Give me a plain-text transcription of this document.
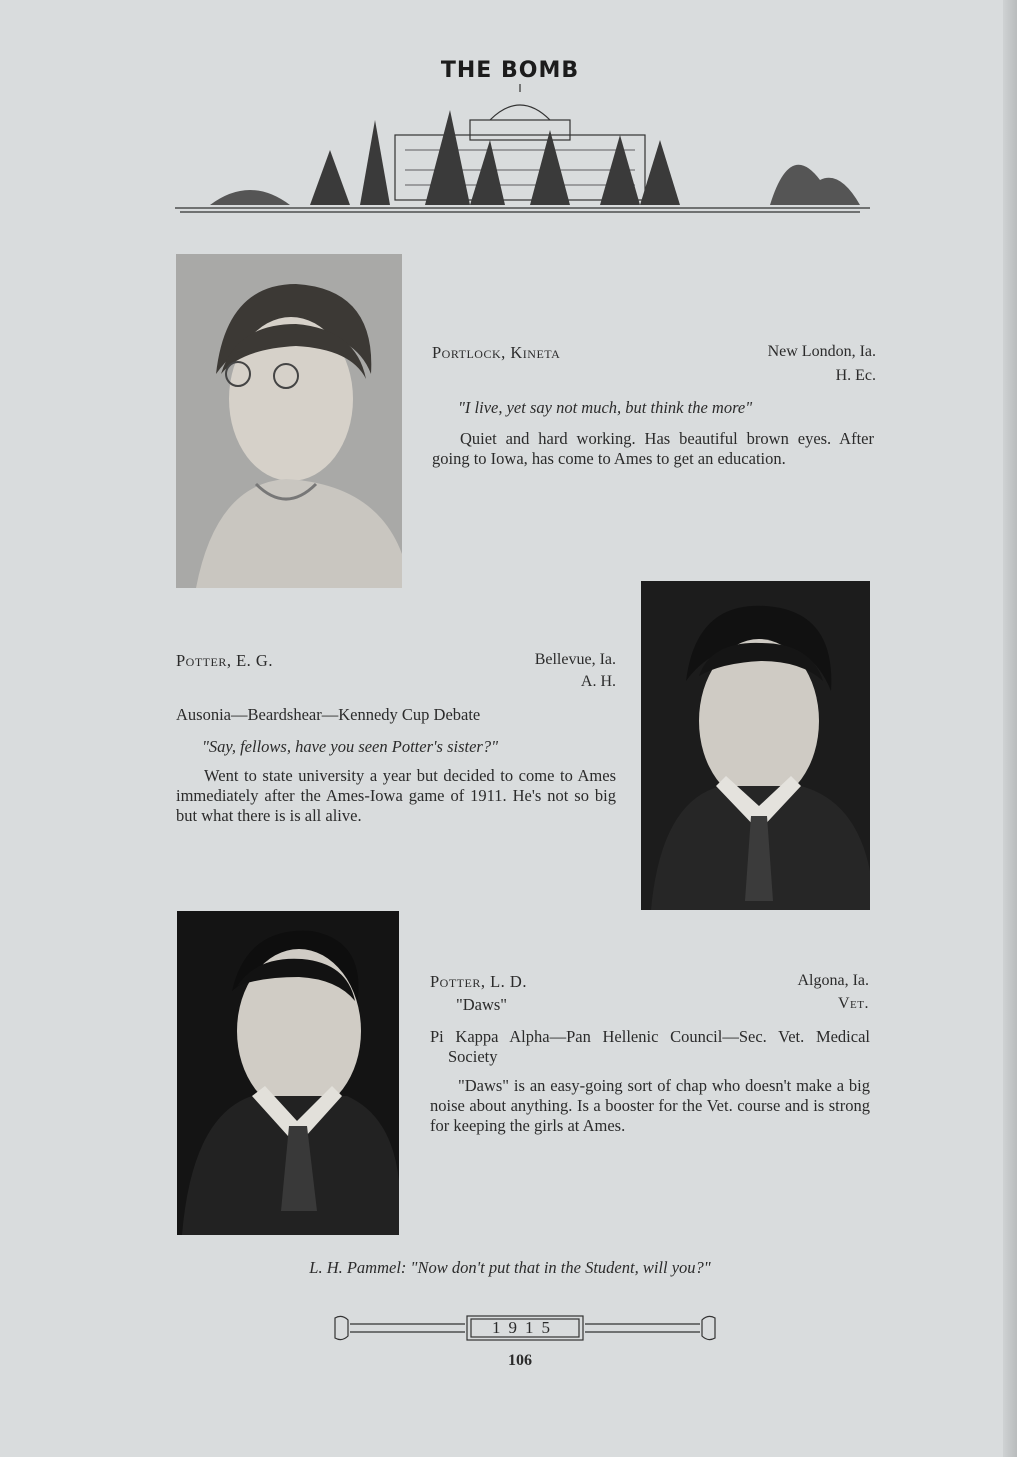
THE BOMB
Portlock, Kineta	New London, Ia.
H. Ec.
"I live, yet say not much, but think the more"
Quiet and hard working. Has beautiful brown eyes. After going to Iowa, has come to Ames to get an education.
Potter, E. G.	Bellevue, Ia.
A. H.
Ausonia—Beardshear—Kennedy Cup Debate
"Say, fellows, have you seen Potter's sister?"
Went to state university a year but decided to come to Ames immediately after the Ames-Iowa game of 1911. He's not so big but what there is is all alive.
Potter, L. D.
"Daws"
Algona, Ia.
Vet.
Pi Kappa Alpha—Pan Hellenic Council—Sec. Vet. Medical Society
"Daws" is an easy-going sort of chap who doesn't make a big noise about anything. Is a booster for the Vet. course and is strong for keeping the girls at Ames.
L. H. Pammel: "Now don't put that in the Student, will you?"
1915
106
